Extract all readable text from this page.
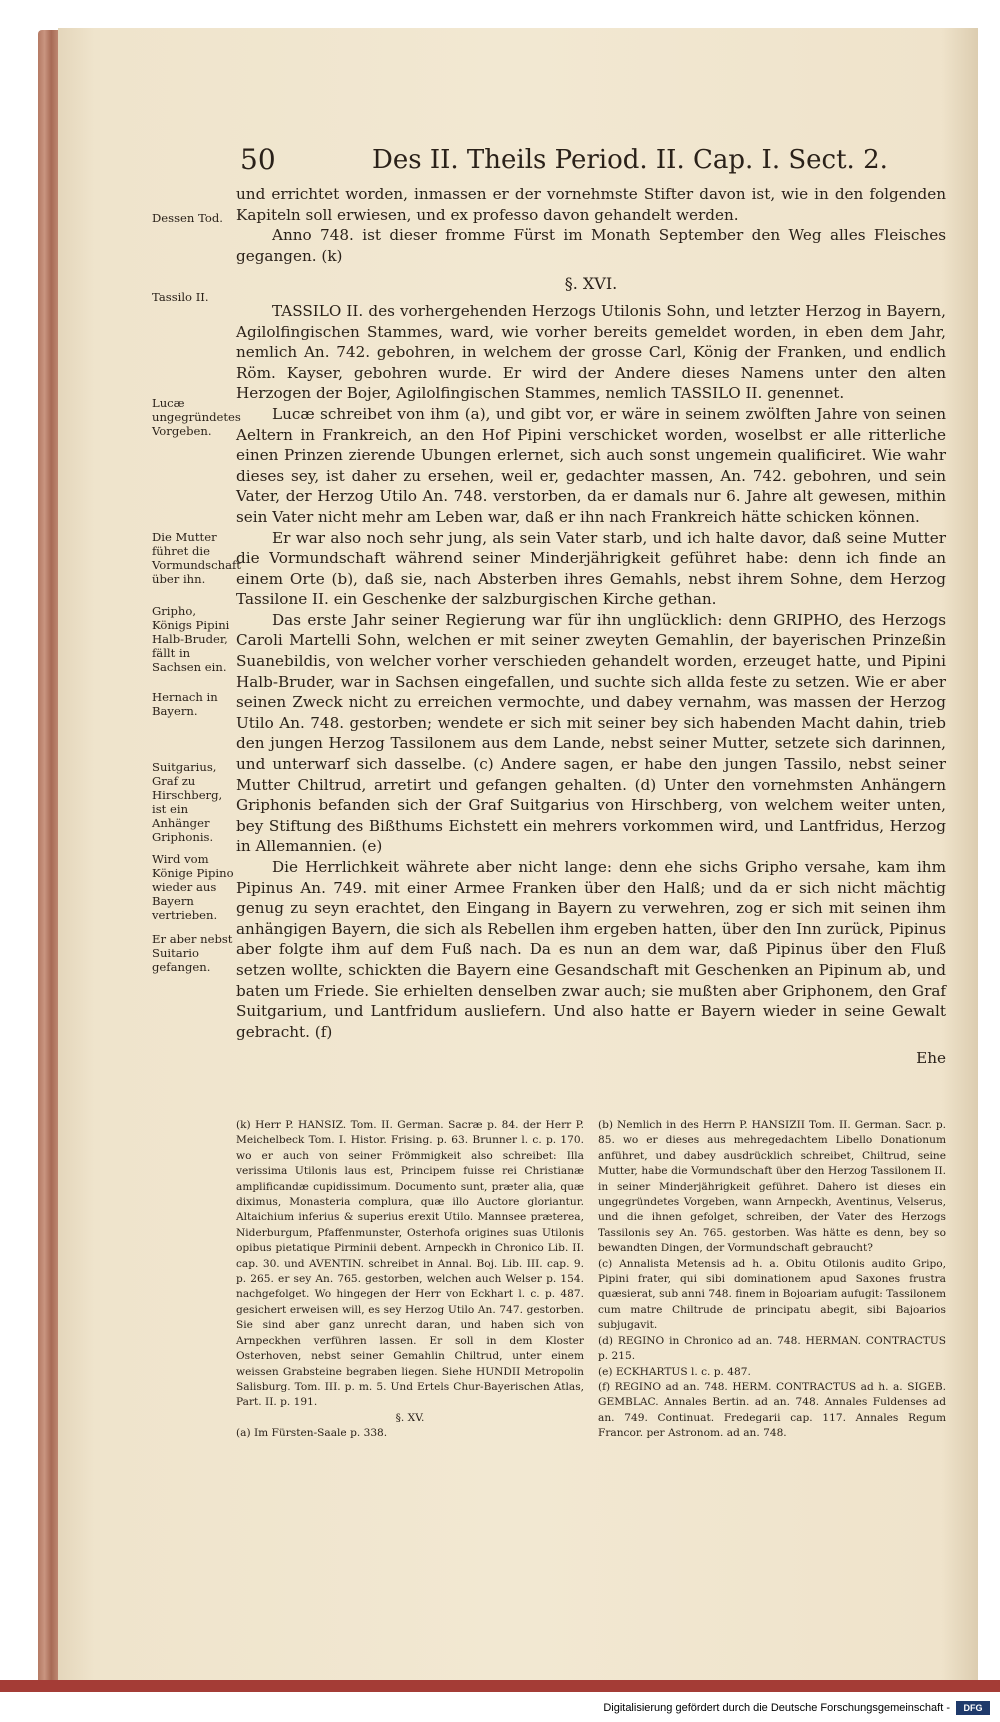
50	Des II. Theils Period. II. Cap. I. Sect. 2.

und errichtet worden, inmassen er der vornehmste Stifter davon ist, wie in den folgenden Kapiteln soll erwiesen, und ex professo davon gehandelt werden.

Anno 748. ist dieser fromme Fürst im Monath September den Weg alles Fleisches gegangen. (k)

§. XVI.

TASSILO II. des vorhergehenden Herzogs Utilonis Sohn, und letzter Herzog in Bayern, Agilolfingischen Stammes, ward, wie vorher bereits gemeldet worden, in eben dem Jahr, nemlich An. 742. gebohren, in welchem der grosse Carl, König der Franken, und endlich Röm. Kayser, gebohren wurde. Er wird der Andere dieses Namens unter den alten Herzogen der Bojer, Agilolfingischen Stammes, nemlich TASSILO II. genennet.

Lucæ schreibet von ihm (a), und gibt vor, er wäre in seinem zwölften Jahre von seinen Aeltern in Frankreich, an den Hof Pipini verschicket worden, woselbst er alle ritterliche einen Prinzen zierende Ubungen erlernet, sich auch sonst ungemein qualificiret. Wie wahr dieses sey, ist daher zu ersehen, weil er, gedachter massen, An. 742. gebohren, und sein Vater, der Herzog Utilo An. 748. verstorben, da er damals nur 6. Jahre alt gewesen, mithin sein Vater nicht mehr am Leben war, daß er ihn nach Frankreich hätte schicken können.

Er war also noch sehr jung, als sein Vater starb, und ich halte davor, daß seine Mutter die Vormundschaft während seiner Minderjährigkeit geführet habe: denn ich finde an einem Orte (b), daß sie, nach Absterben ihres Gemahls, nebst ihrem Sohne, dem Herzog Tassilone II. ein Geschenke der salzburgischen Kirche gethan.

Das erste Jahr seiner Regierung war für ihn unglücklich: denn GRIPHO, des Herzogs Caroli Martelli Sohn, welchen er mit seiner zweyten Gemahlin, der bayerischen Prinzeßin Suanebildis, von welcher vorher verschieden gehandelt worden, erzeuget hatte, und Pipini Halb-Bruder, war in Sachsen eingefallen, und suchte sich allda feste zu setzen. Wie er aber seinen Zweck nicht zu erreichen vermochte, und dabey vernahm, was massen der Herzog Utilo An. 748. gestorben; wendete er sich mit seiner bey sich habenden Macht dahin, trieb den jungen Herzog Tassilonem aus dem Lande, nebst seiner Mutter, setzete sich darinnen, und unterwarf sich dasselbe. (c) Andere sagen, er habe den jungen Tassilo, nebst seiner Mutter Chiltrud, arretirt und gefangen gehalten. (d) Unter den vornehmsten Anhängern Griphonis befanden sich der Graf Suitgarius von Hirschberg, von welchem weiter unten, bey Stiftung des Bißthums Eichstett ein mehrers vorkommen wird, und Lantfridus, Herzog in Allemannien. (e)

Die Herrlichkeit währete aber nicht lange: denn ehe sichs Gripho versahe, kam ihm Pipinus An. 749. mit einer Armee Franken über den Halß; und da er sich nicht mächtig genug zu seyn erachtet, den Eingang in Bayern zu verwehren, zog er sich mit seinen ihm anhängigen Bayern, die sich als Rebellen ihm ergeben hatten, über den Inn zurück, Pipinus aber folgte ihm auf dem Fuß nach. Da es nun an dem war, daß Pipinus über den Fluß setzen wollte, schickten die Bayern eine Gesandschaft mit Geschenken an Pipinum ab, und baten um Friede. Sie erhielten denselben zwar auch; sie mußten aber Griphonem, den Graf Suitgarium, und Lantfridum ausliefern. Und also hatte er Bayern wieder in seine Gewalt gebracht. (f)

Ehe
Dessen Tod.
Tassilo II.
Lucæ ungegründetes Vorgeben.
Die Mutter führet die Vormundschaft über ihn.
Gripho, Königs Pipini Halb-Bruder, fällt in Sachsen ein.
Hernach in Bayern.
Suitgarius, Graf zu Hirschberg, ist ein Anhänger Griphonis.
Wird vom Könige Pipino wieder aus Bayern vertrieben.
Er aber nebst Suitario gefangen.

(k) Herr P. HANSIZ. Tom. II. German. Sacræ p. 84. der Herr P. Meichelbeck Tom. I. Histor. Frising. p. 63. Brunner l. c. p. 170. wo er auch von seiner Frömmigkeit also schreibet: Illa verissima Utilonis laus est, Principem fuisse rei Christianæ amplificandæ cupidissimum. Documento sunt, præter alia, quæ diximus, Monasteria complura, quæ illo Auctore gloriantur. Altaichium inferius & superius erexit Utilo. Mannsee præterea, Niderburgum, Pfaffenmunster, Osterhofa origines suas Utilonis opibus pietatique Pirminii debent. Arnpeckh in Chronico Lib. II. cap. 30. und AVENTIN. schreibet in Annal. Boj. Lib. III. cap. 9. p. 265. er sey An. 765. gestorben, welchen auch Welser p. 154. nachgefolget. Wo hingegen der Herr von Eckhart l. c. p. 487. gesichert erweisen will, es sey Herzog Utilo An. 747. gestorben. Sie sind aber ganz unrecht daran, und haben sich von Arnpeckhen verführen lassen. Er soll in dem Kloster Osterhoven, nebst seiner Gemahlin Chiltrud, unter einem weissen Grabsteine begraben liegen. Siehe HUNDII Metropolin Salisburg. Tom. III. p. m. 5. Und Ertels Chur-Bayerischen Atlas, Part. II. p. 191.

§. XV.

(a) Im Fürsten-Saale p. 338.

(b) Nemlich in des Herrn P. HANSIZII Tom. II. German. Sacr. p. 85. wo er dieses aus mehregedachtem Libello Donationum anführet, und dabey ausdrücklich schreibet, Chiltrud, seine Mutter, habe die Vormundschaft über den Herzog Tassilonem II. in seiner Minderjährigkeit geführet. Dahero ist dieses ein ungegründetes Vorgeben, wann Arnpeckh, Aventinus, Velserus, und die ihnen gefolget, schreiben, der Vater des Herzogs Tassilonis sey An. 765. gestorben. Was hätte es denn, bey so bewandten Dingen, der Vormundschaft gebraucht?

(c) Annalista Metensis ad h. a. Obitu Otilonis audito Gripo, Pipini frater, qui sibi dominationem apud Saxones frustra quæsierat, sub anni 748. finem in Bojoariam aufugit: Tassilonem cum matre Chiltrude de principatu abegit, sibi Bajoarios subjugavit.

(d) REGINO in Chronico ad an. 748. HERMAN. CONTRACTUS p. 215.

(e) ECKHARTUS l. c. p. 487.

(f) REGINO ad an. 748. HERM. CONTRACTUS ad h. a. SIGEB. GEMBLAC. Annales Bertin. ad an. 748. Annales Fuldenses ad an. 749. Continuat. Fredegarii cap. 117. Annales Regum Francor. per Astronom. ad an. 748.

Digitalisierung gefördert durch die Deutsche Forschungsgemeinschaft -	DFG
